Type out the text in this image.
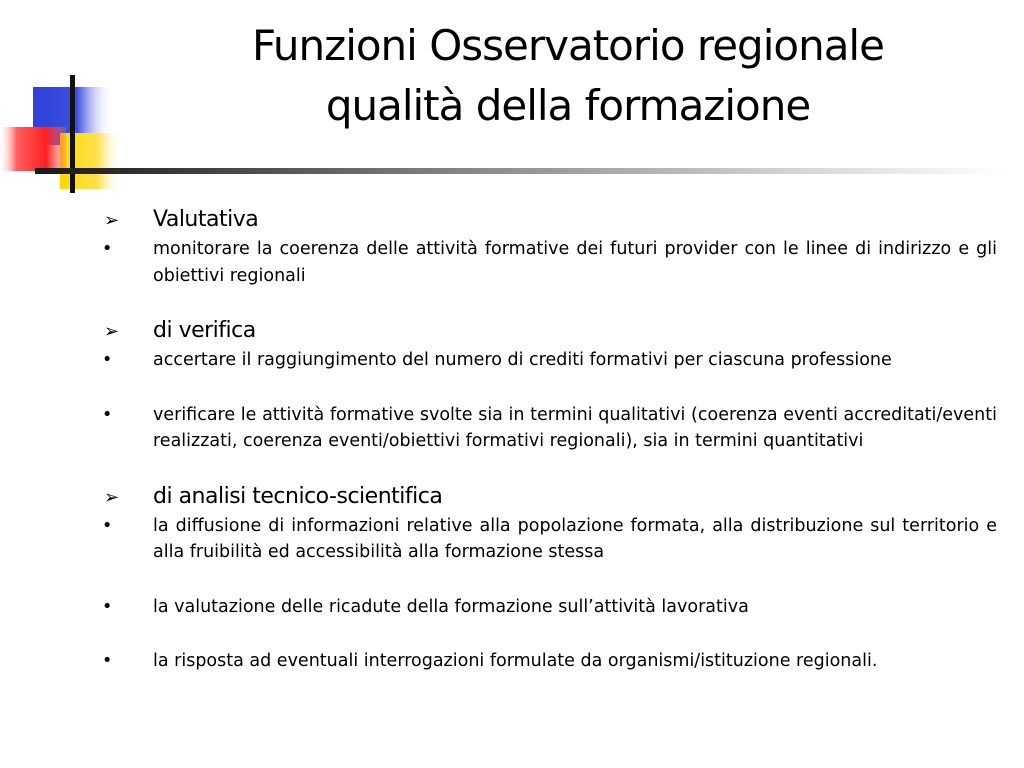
Funzioni Osservatorio regionale
qualità della formazione
➢	Valutativa
•	monitorare la coerenza delle attività formative dei futuri provider con le linee di indirizzo e gli obiettivi regionali
➢	di verifica
•	accertare il raggiungimento del numero di crediti formativi per ciascuna professione
•	verificare le attività formative svolte sia in termini qualitativi (coerenza eventi accreditati/eventi realizzati, coerenza eventi/obiettivi formativi regionali), sia in termini quantitativi
➢	di analisi tecnico-scientifica
•	la diffusione di informazioni relative alla popolazione formata, alla distribuzione sul territorio e alla fruibilità ed accessibilità alla formazione stessa
•	la valutazione delle ricadute della formazione sull’attività lavorativa
•	la risposta ad eventuali interrogazioni formulate da organismi/istituzione regionali.
